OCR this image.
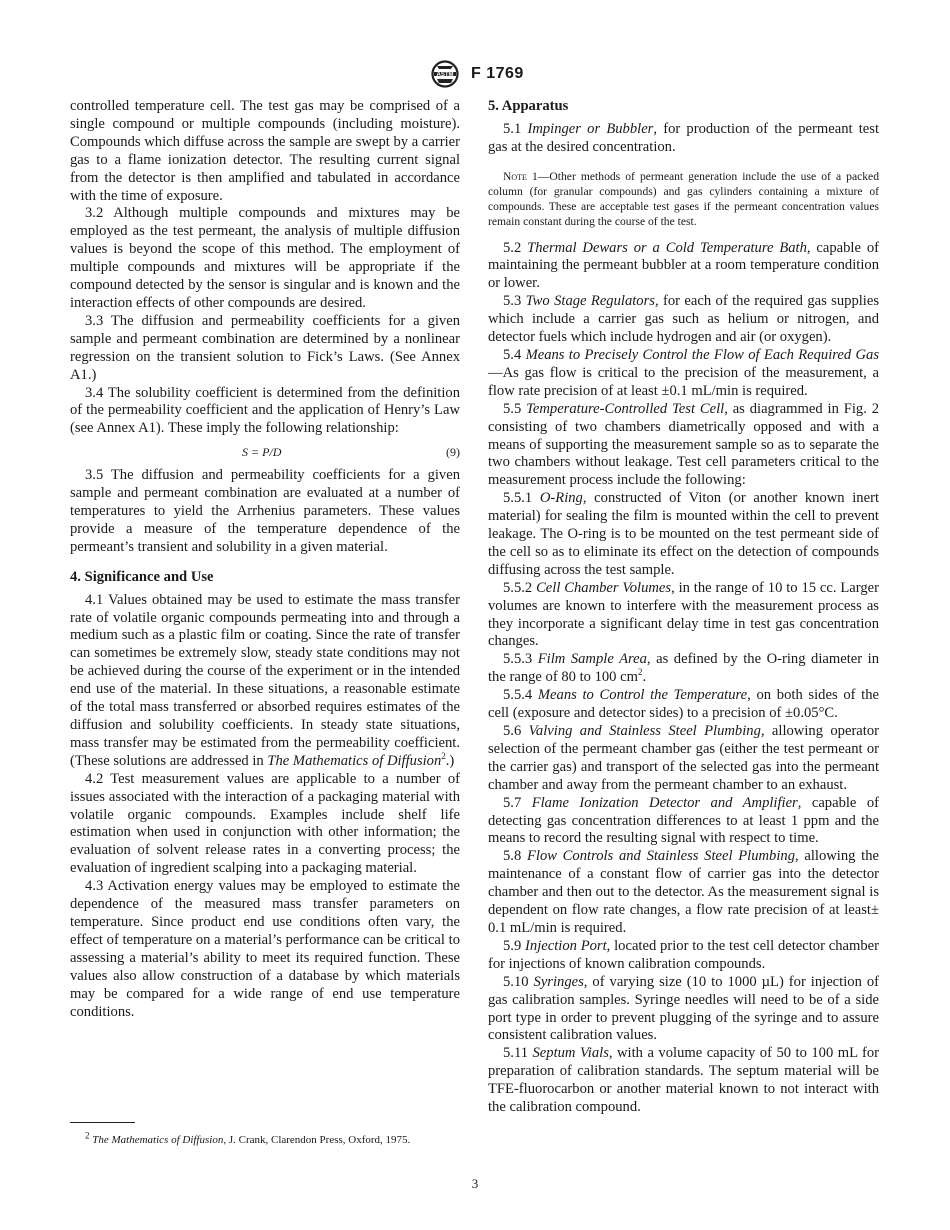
ASTM F 1769

controlled temperature cell. The test gas may be comprised of a single compound or multiple compounds (including moisture). Compounds which diffuse across the sample are swept by a carrier gas to a flame ionization detector. The resulting current signal from the detector is then amplified and tabulated in accordance with the time of exposure.

3.2 Although multiple compounds and mixtures may be employed as the test permeant, the analysis of multiple diffusion values is beyond the scope of this method. The employment of multiple compounds and mixtures will be appropriate if the compound detected by the sensor is singular and is known and the interaction effects of other compounds are desired.

3.3 The diffusion and permeability coefficients for a given sample and permeant combination are determined by a nonlinear regression on the transient solution to Fick’s Laws. (See Annex A1.)

3.4 The solubility coefficient is determined from the definition of the permeability coefficient and the application of Henry’s Law (see Annex A1). These imply the following relationship:

S = P/D	(9)

3.5 The diffusion and permeability coefficients for a given sample and permeant combination are evaluated at a number of temperatures to yield the Arrhenius parameters. These values provide a measure of the temperature dependence of the permeant’s transient and solubility in a given material.

4. Significance and Use

4.1 Values obtained may be used to estimate the mass transfer rate of volatile organic compounds permeating into and through a medium such as a plastic film or coating. Since the rate of transfer can sometimes be extremely slow, steady state conditions may not be achieved during the course of the experiment or in the intended end use of the material. In these situations, a reasonable estimate of the total mass transferred or absorbed requires estimates of the diffusion and solubility coefficients. In steady state situations, mass transfer may be estimated from the permeability coefficient. (These solutions are addressed in The Mathematics of Diffusion$^2$.)

4.2 Test measurement values are applicable to a number of issues associated with the interaction of a packaging material with volatile organic compounds. Examples include shelf life estimation when used in conjunction with other information; the evaluation of solvent release rates in a converting process; the evaluation of ingredient scalping into a packaging material.

4.3 Activation energy values may be employed to estimate the dependence of the measured mass transfer parameters on temperature. Since product end use conditions often vary, the effect of temperature on a material’s performance can be critical to assessing a material’s ability to meet its required function. These values also allow construction of a database by which materials may be compared for a wide range of end use temperature conditions.

5. Apparatus

5.1 Impinger or Bubbler, for production of the permeant test gas at the desired concentration.

Note 1—Other methods of permeant generation include the use of a packed column (for granular compounds) and gas cylinders containing a mixture of compounds. These are acceptable test gases if the permeant concentration values remain constant during the course of the test.

5.2 Thermal Dewars or a Cold Temperature Bath, capable of maintaining the permeant bubbler at a room temperature condition or lower.

5.3 Two Stage Regulators, for each of the required gas supplies which include a carrier gas such as helium or nitrogen, and detector fuels which include hydrogen and air (or oxygen).

5.4 Means to Precisely Control the Flow of Each Required Gas—As gas flow is critical to the precision of the measurement, a flow rate precision of at least ±0.1 mL/min is required.

5.5 Temperature-Controlled Test Cell, as diagrammed in Fig. 2 consisting of two chambers diametrically opposed and with a means of supporting the measurement sample so as to separate the two chambers without leakage. Test cell parameters critical to the measurement process include the following:

5.5.1 O-Ring, constructed of Viton (or another known inert material) for sealing the film is mounted within the cell to prevent leakage. The O-ring is to be mounted on the test permeant side of the cell so as to eliminate its effect on the detection of compounds diffusing across the test sample.

5.5.2 Cell Chamber Volumes, in the range of 10 to 15 cc. Larger volumes are known to interfere with the measurement process as they incorporate a significant delay time in test gas concentration changes.

5.5.3 Film Sample Area, as defined by the O-ring diameter in the range of 80 to 100 $cm^2$.

5.5.4 Means to Control the Temperature, on both sides of the cell (exposure and detector sides) to a precision of ±0.05°C.

5.6 Valving and Stainless Steel Plumbing, allowing operator selection of the permeant chamber gas (either the test permeant or the carrier gas) and transport of the selected gas into the permeant chamber and away from the permeant chamber to an exhaust.

5.7 Flame Ionization Detector and Amplifier, capable of detecting gas concentration differences to at least 1 ppm and the means to record the resulting signal with respect to time.

5.8 Flow Controls and Stainless Steel Plumbing, allowing the maintenance of a constant flow of carrier gas into the detector chamber and then out to the detector. As the measurement signal is dependent on flow rate changes, a flow rate precision of at least± 0.1 mL/min is required.

5.9 Injection Port, located prior to the test cell detector chamber for injections of known calibration compounds.

5.10 Syringes, of varying size (10 to 1000 µL) for injection of gas calibration samples. Syringe needles will need to be of a side port type in order to prevent plugging of the syringe and to assure consistent calibration values.

5.11 Septum Vials, with a volume capacity of 50 to 100 mL for preparation of calibration standards. The septum material will be TFE-fluorocarbon or another material known to not interact with the calibration compound.

$^2$ The Mathematics of Diffusion, J. Crank, Clarendon Press, Oxford, 1975.
3
